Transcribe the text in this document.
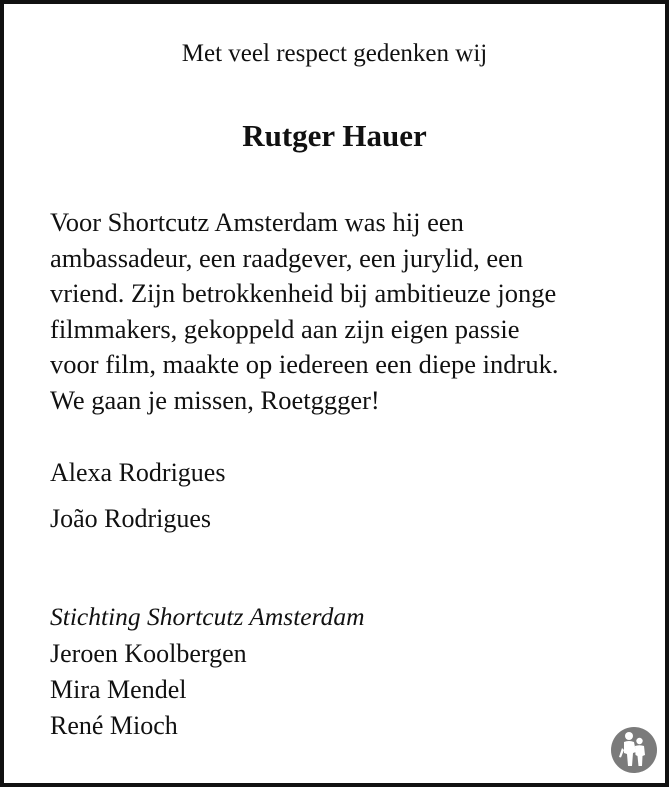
Met veel respect gedenken wij
Rutger Hauer

Voor Shortcutz Amsterdam was hij een
ambassadeur, een raadgever, een jurylid, een
vriend. Zijn betrokkenheid bij ambitieuze jonge
filmmakers, gekoppeld aan zijn eigen passie
voor film, maakte op iedereen een diepe indruk.
We gaan je missen, Roetggger!

Alexa Rodrigues
João Rodrigues
Stichting Shortcutz Amsterdam
Jeroen Koolbergen
Mira Mendel
René Mioch
